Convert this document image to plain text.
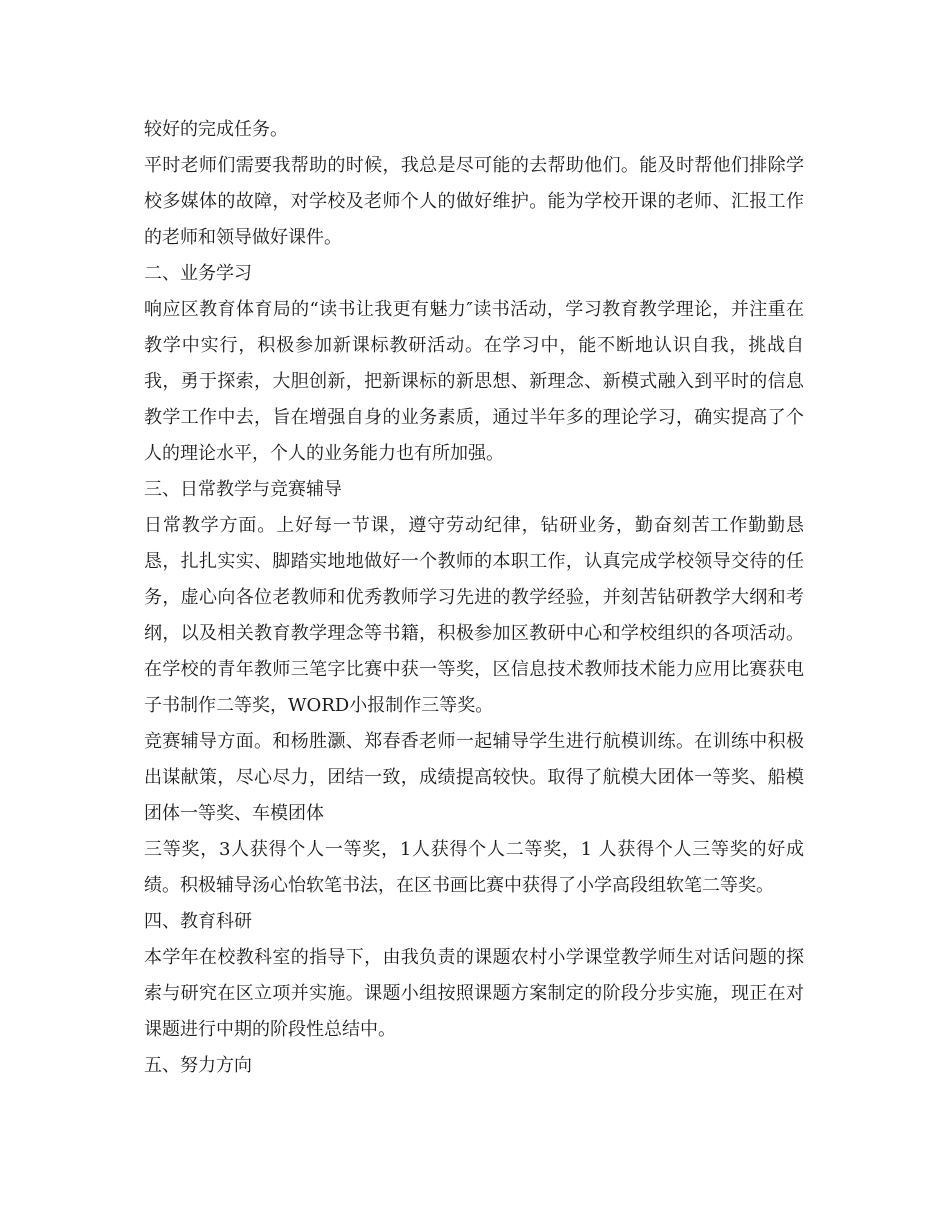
较好的完成任务。

平时老师们需要我帮助的时候，我总是尽可能的去帮助他们。能及时帮他们排除学校多媒体的故障，对学校及老师个人的做好维护。能为学校开课的老师、汇报工作的老师和领导做好课件。

二、业务学习

响应区教育体育局的“读书让我更有魅力″读书活动，学习教育教学理论，并注重在教学中实行，积极参加新课标教研活动。在学习中，能不断地认识自我，挑战自我，勇于探索，大胆创新，把新课标的新思想、新理念、新模式融入到平时的信息教学工作中去，旨在增强自身的业务素质，通过半年多的理论学习，确实提高了个人的理论水平，个人的业务能力也有所加强。

三、日常教学与竞赛辅导

日常教学方面。上好每一节课，遵守劳动纪律，钻研业务，勤奋刻苦工作勤勤恳恳，扎扎实实、脚踏实地地做好一个教师的本职工作，认真完成学校领导交待的任务，虚心向各位老教师和优秀教师学习先进的教学经验，并刻苦钻研教学大纲和考纲，以及相关教育教学理念等书籍，积极参加区教研中心和学校组织的各项活动。在学校的青年教师三笔字比赛中获一等奖，区信息技术教师技术能力应用比赛获电子书制作二等奖，WORD小报制作三等奖。

竞赛辅导方面。和杨胜灏、郑春香老师一起辅导学生进行航模训练。在训练中积极出谋献策，尽心尽力，团结一致，成绩提高较快。取得了航模大团体一等奖、船模团体一等奖、车模团体

三等奖，3人获得个人一等奖，1人获得个人二等奖，1 人获得个人三等奖的好成绩。积极辅导汤心怡软笔书法，在区书画比赛中获得了小学高段组软笔二等奖。

四、教育科研

本学年在校教科室的指导下，由我负责的课题农村小学课堂教学师生对话问题的探索与研究在区立项并实施。课题小组按照课题方案制定的阶段分步实施，现正在对课题进行中期的阶段性总结中。

五、努力方向
